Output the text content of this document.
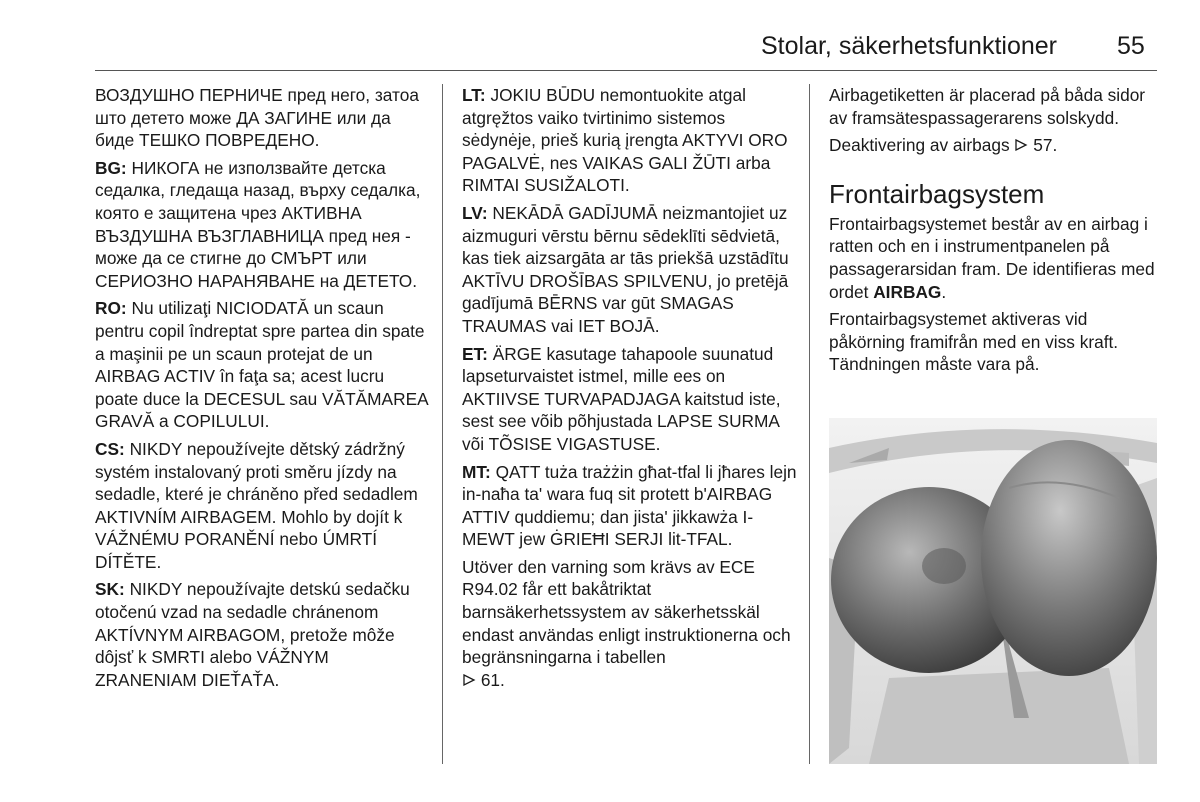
Stolar, säkerhetsfunktioner 55

ВОЗДУШНО ПЕРНИЧЕ пред него, затоа што детето може ДА ЗАГИНЕ или да биде ТЕШКО ПОВРЕДЕНО.

BG: НИКОГА не използвайте детска седалка, гледаща назад, върху седалка, която е защитена чрез АКТИВНА ВЪЗДУШНА ВЪЗГЛАВНИЦА пред нея - може да се стигне до СМЪРТ или СЕРИОЗНО НАРАНЯВАНЕ на ДЕТЕТО.

RO: Nu utilizaţi NICIODATĂ un scaun pentru copil îndreptat spre partea din spate a maşinii pe un scaun protejat de un AIRBAG ACTIV în faţa sa; acest lucru poate duce la DECESUL sau VĂTĂMAREA GRAVĂ a COPILULUI.

CS: NIKDY nepoužívejte dětský zádržný systém instalovaný proti směru jízdy na sedadle, které je chráněno před sedadlem AKTIVNÍM AIRBAGEM. Mohlo by dojít k VÁŽNÉMU PORANĚNÍ nebo ÚMRTÍ DÍTĚTE.

SK: NIKDY nepoužívajte detskú sedačku otočenú vzad na sedadle chránenom AKTÍVNYM AIRBAGOM, pretože môže dôjsť k SMRTI alebo VÁŽNYM ZRANENIAM DIEŤAŤA.

LT: JOKIU BŪDU nemontuokite atgal atgręžtos vaiko tvirtinimo sistemos sėdynėje, prieš kurią įrengta AKTYVI ORO PAGALVĖ, nes VAIKAS GALI ŽŪTI arba RIMTAI SUSIŽALOTI.

LV: NEKĀDĀ GADĪJUMĀ neizmantojiet uz aizmuguri vērstu bērnu sēdeklīti sēdvietā, kas tiek aizsargāta ar tās priekšā uzstādītu AKTĪVU DROŠĪBAS SPILVENU, jo pretējā gadījumā BĒRNS var gūt SMAGAS TRAUMAS vai IET BOJĀ.

ET: ÄRGE kasutage tahapoole suunatud lapseturvaistet istmel, mille ees on AKTIIVSE TURVAPADJAGA kaitstud iste, sest see võib põhjustada LAPSE SURMA või TÕSISE VIGASTUSE.

MT: QATT tuża trażżin għat-tfal li jħares lejn in-naħa ta' wara fuq sit protett b'AIRBAG ATTIV quddiemu; dan jista' jikkawża I-MEWT jew ĠRIEĦI SERJI lit-TFAL.

Utöver den varning som krävs av ECE R94.02 får ett bakåtriktat barnsäkerhetssystem av säkerhetsskäl endast användas enligt instruktionerna och begränsningarna i tabellen
61.

Airbagetiketten är placerad på båda sidor av framsätespassagerarens solskydd.

Deaktivering av airbags 57.

Frontairbagsystem

Frontairbagsystemet består av en airbag i ratten och en i instrumentpanelen på passagerarsidan fram. De identifieras med ordet AIRBAG.

Frontairbagsystemet aktiveras vid påkörning framifrån med en viss kraft. Tändningen måste vara på.
